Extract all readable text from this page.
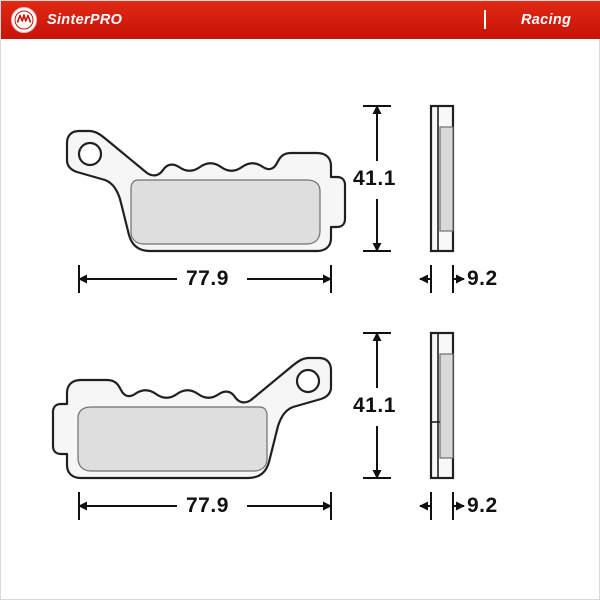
SinterPRO	Racing
77.9
41.1
9.2
77.9
41.1
9.2
